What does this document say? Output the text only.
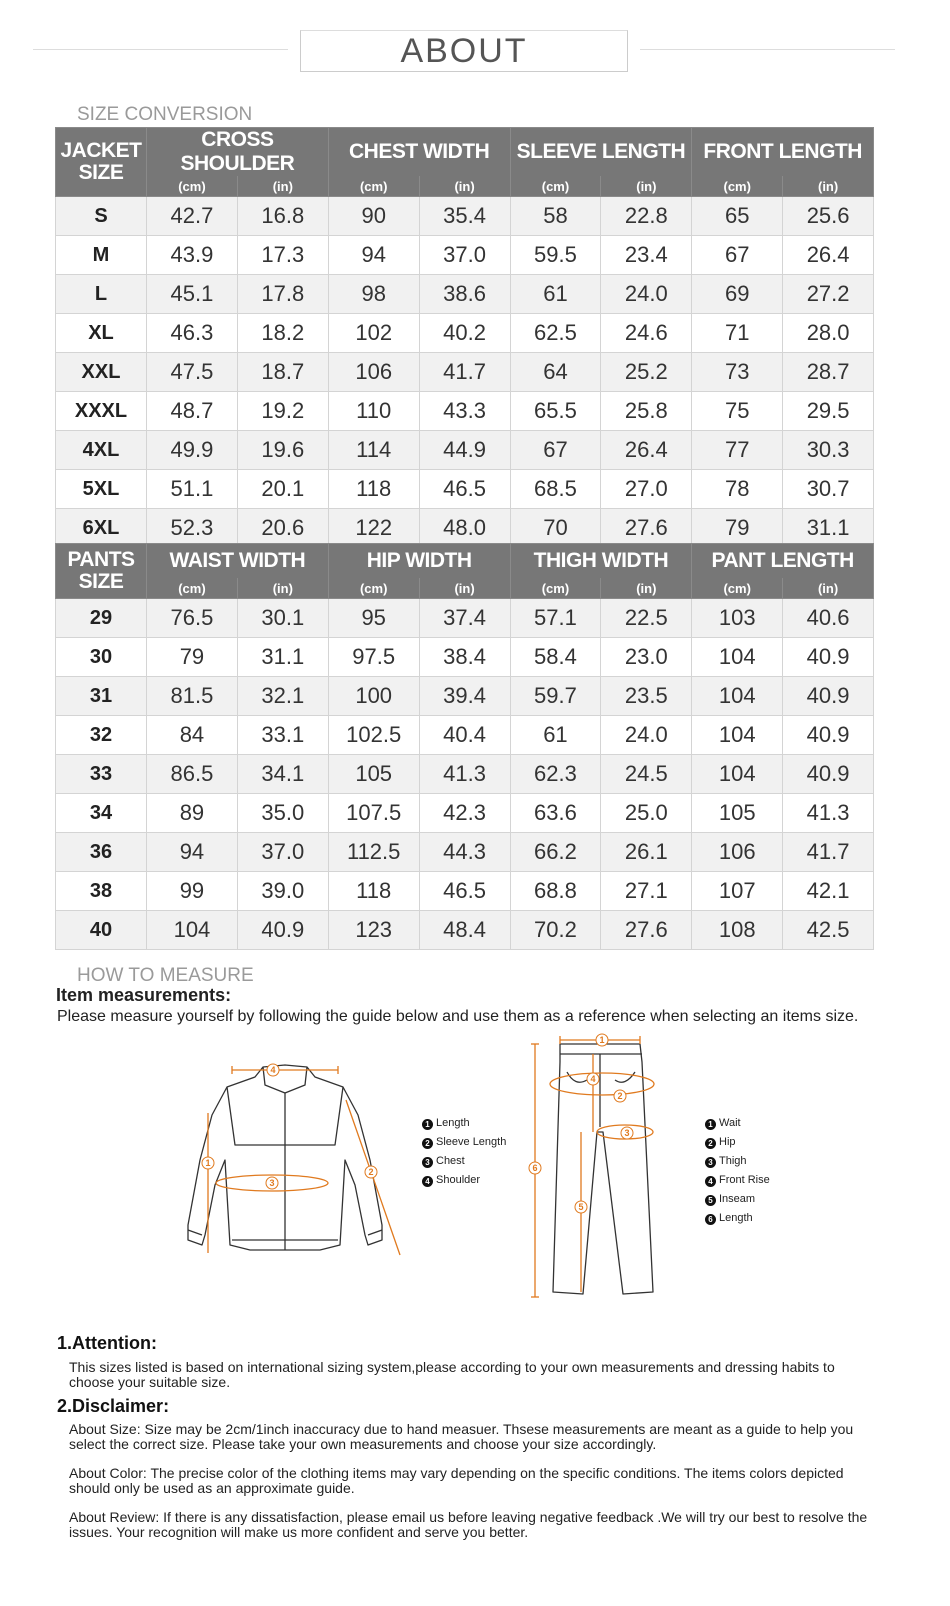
ABOUT
SIZE CONVERSION
JACKET SIZE	CROSS SHOULDER		CHEST WIDTH		SLEEVE LENGTH		FRONT LENGTH	
	(cm)	(in)	(cm)	(in)	(cm)	(in)	(cm)	(in)
S	42.7	16.8	90	35.4	58	22.8	65	25.6
M	43.9	17.3	94	37.0	59.5	23.4	67	26.4
L	45.1	17.8	98	38.6	61	24.0	69	27.2
XL	46.3	18.2	102	40.2	62.5	24.6	71	28.0
XXL	47.5	18.7	106	41.7	64	25.2	73	28.7
XXXL	48.7	19.2	110	43.3	65.5	25.8	75	29.5
4XL	49.9	19.6	114	44.9	67	26.4	77	30.3
5XL	51.1	20.1	118	46.5	68.5	27.0	78	30.7
6XL	52.3	20.6	122	48.0	70	27.6	79	31.1
PANTS SIZE	WAIST WIDTH		HIP WIDTH		THIGH WIDTH		PANT LENGTH	
	(cm)	(in)	(cm)	(in)	(cm)	(in)	(cm)	(in)
29	76.5	30.1	95	37.4	57.1	22.5	103	40.6
30	79	31.1	97.5	38.4	58.4	23.0	104	40.9
31	81.5	32.1	100	39.4	59.7	23.5	104	40.9
32	84	33.1	102.5	40.4	61	24.0	104	40.9
33	86.5	34.1	105	41.3	62.3	24.5	104	40.9
34	89	35.0	107.5	42.3	63.6	25.0	105	41.3
36	94	37.0	112.5	44.3	66.2	26.1	106	41.7
38	99	39.0	118	46.5	68.8	27.1	107	42.1
40	104	40.9	123	48.4	70.2	27.6	108	42.5
HOW TO MEASURE
Item measurements:
Please measure yourself by following the guide below and use them as a reference when selecting an items size.
4
1
2
3
1 Length
2 Sleeve Length
3 Chest
4 Shoulder
1
2
3
4
5
6
1 Wait
2 Hip
3 Thigh
4 Front Rise
5 Inseam
6 Length
1.Attention:

This sizes listed is based on international sizing system,please according to your own measurements and dressing habits to choose your suitable size.

2.Disclaimer:

About Size: Size may be 2cm/1inch inaccuracy due to hand measuer. Thsese measurements are meant as a guide to help you select the correct size. Please take your own measurements and choose your size accordingly.

About Color: The precise color of the clothing items may vary depending on the specific conditions. The items colors depicted should only be used as an approximate guide.

About Review: If there is any dissatisfaction, please email us before leaving negative feedback .We will try our best to resolve the issues. Your recognition will make us more confident and serve you better.
